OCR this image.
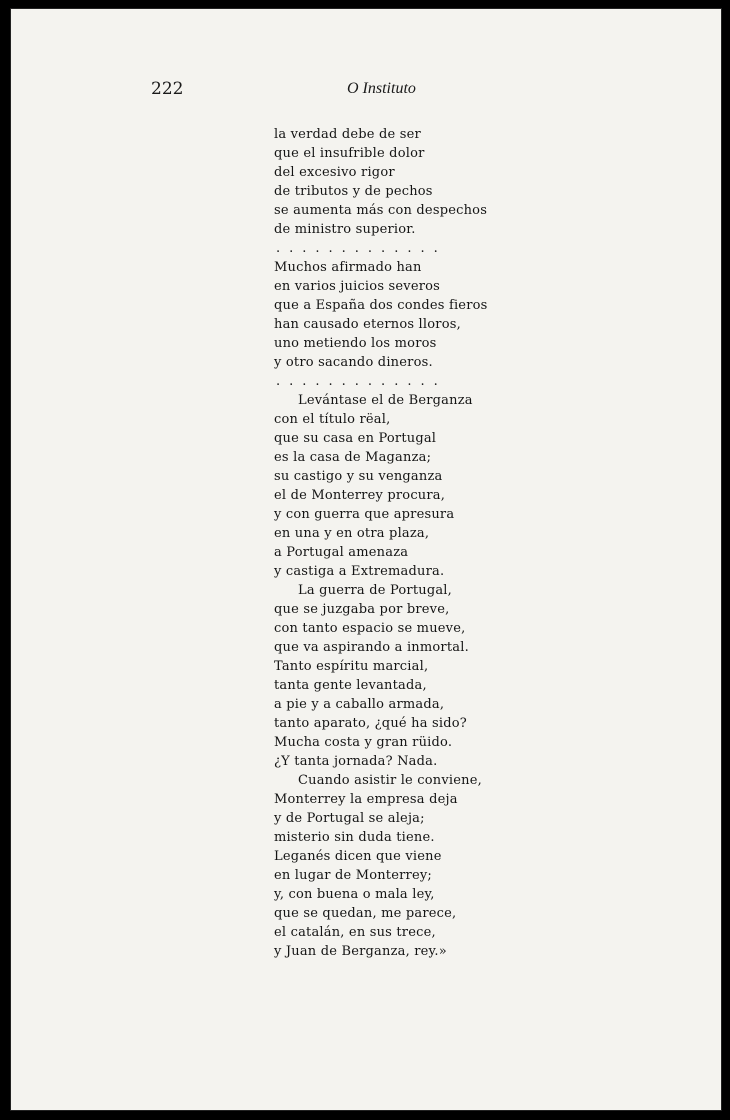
222	O Instituto
la verdad debe de ser
que el insufrible dolor
del excesivo rigor
de tributos y de pechos
se aumenta más con despechos
de ministro superior.
.............
Muchos afirmado han
en varios juicios severos
que a España dos condes fieros
han causado eternos lloros,
uno metiendo los moros
y otro sacando dineros.
.............
Levántase el de Berganza
con el título rëal,
que su casa en Portugal
es la casa de Maganza;
su castigo y su venganza
el de Monterrey procura,
y con guerra que apresura
en una y en otra plaza,
a Portugal amenaza
y castiga a Extremadura.
La guerra de Portugal,
que se juzgaba por breve,
con tanto espacio se mueve,
que va aspirando a inmortal.
Tanto espíritu marcial,
tanta gente levantada,
a pie y a caballo armada,
tanto aparato, ¿qué ha sido?
Mucha costa y gran rüido.
¿Y tanta jornada? Nada.
Cuando asistir le conviene,
Monterrey la empresa deja
y de Portugal se aleja;
misterio sin duda tiene.
Leganés dicen que viene
en lugar de Monterrey;
y, con buena o mala ley,
que se quedan, me parece,
el catalán, en sus trece,
y Juan de Berganza, rey.»
